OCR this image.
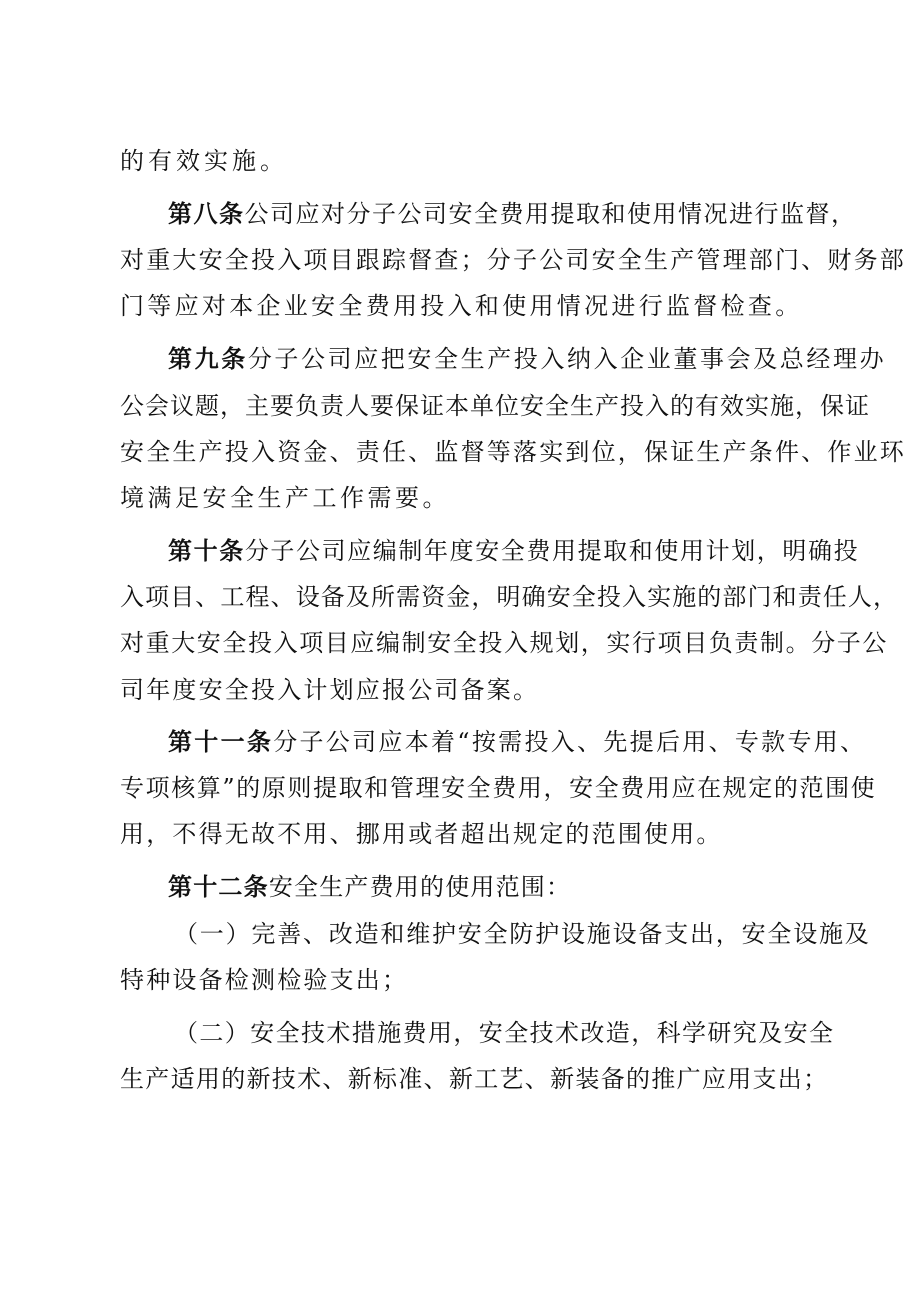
的有效实施。
第八条公司应对分子公司安全费用提取和使用情况进行监督，
对重大安全投入项目跟踪督查；分子公司安全生产管理部门、财务部
门等应对本企业安全费用投入和使用情况进行监督检查。
第九条分子公司应把安全生产投入纳入企业董事会及总经理办
公会议题，主要负责人要保证本单位安全生产投入的有效实施，保证
安全生产投入资金、责任、监督等落实到位，保证生产条件、作业环
境满足安全生产工作需要。
第十条分子公司应编制年度安全费用提取和使用计划，明确投
入项目、工程、设备及所需资金，明确安全投入实施的部门和责任人，
对重大安全投入项目应编制安全投入规划，实行项目负责制。分子公
司年度安全投入计划应报公司备案。
第十一条分子公司应本着“按需投入、先提后用、专款专用、
专项核算”的原则提取和管理安全费用，安全费用应在规定的范围使
用，不得无故不用、挪用或者超出规定的范围使用。
第十二条安全生产费用的使用范围：
（一）完善、改造和维护安全防护设施设备支出，安全设施及
特种设备检测检验支出；
（二）安全技术措施费用，安全技术改造，科学研究及安全
生产适用的新技术、新标准、新工艺、新装备的推广应用支出；
